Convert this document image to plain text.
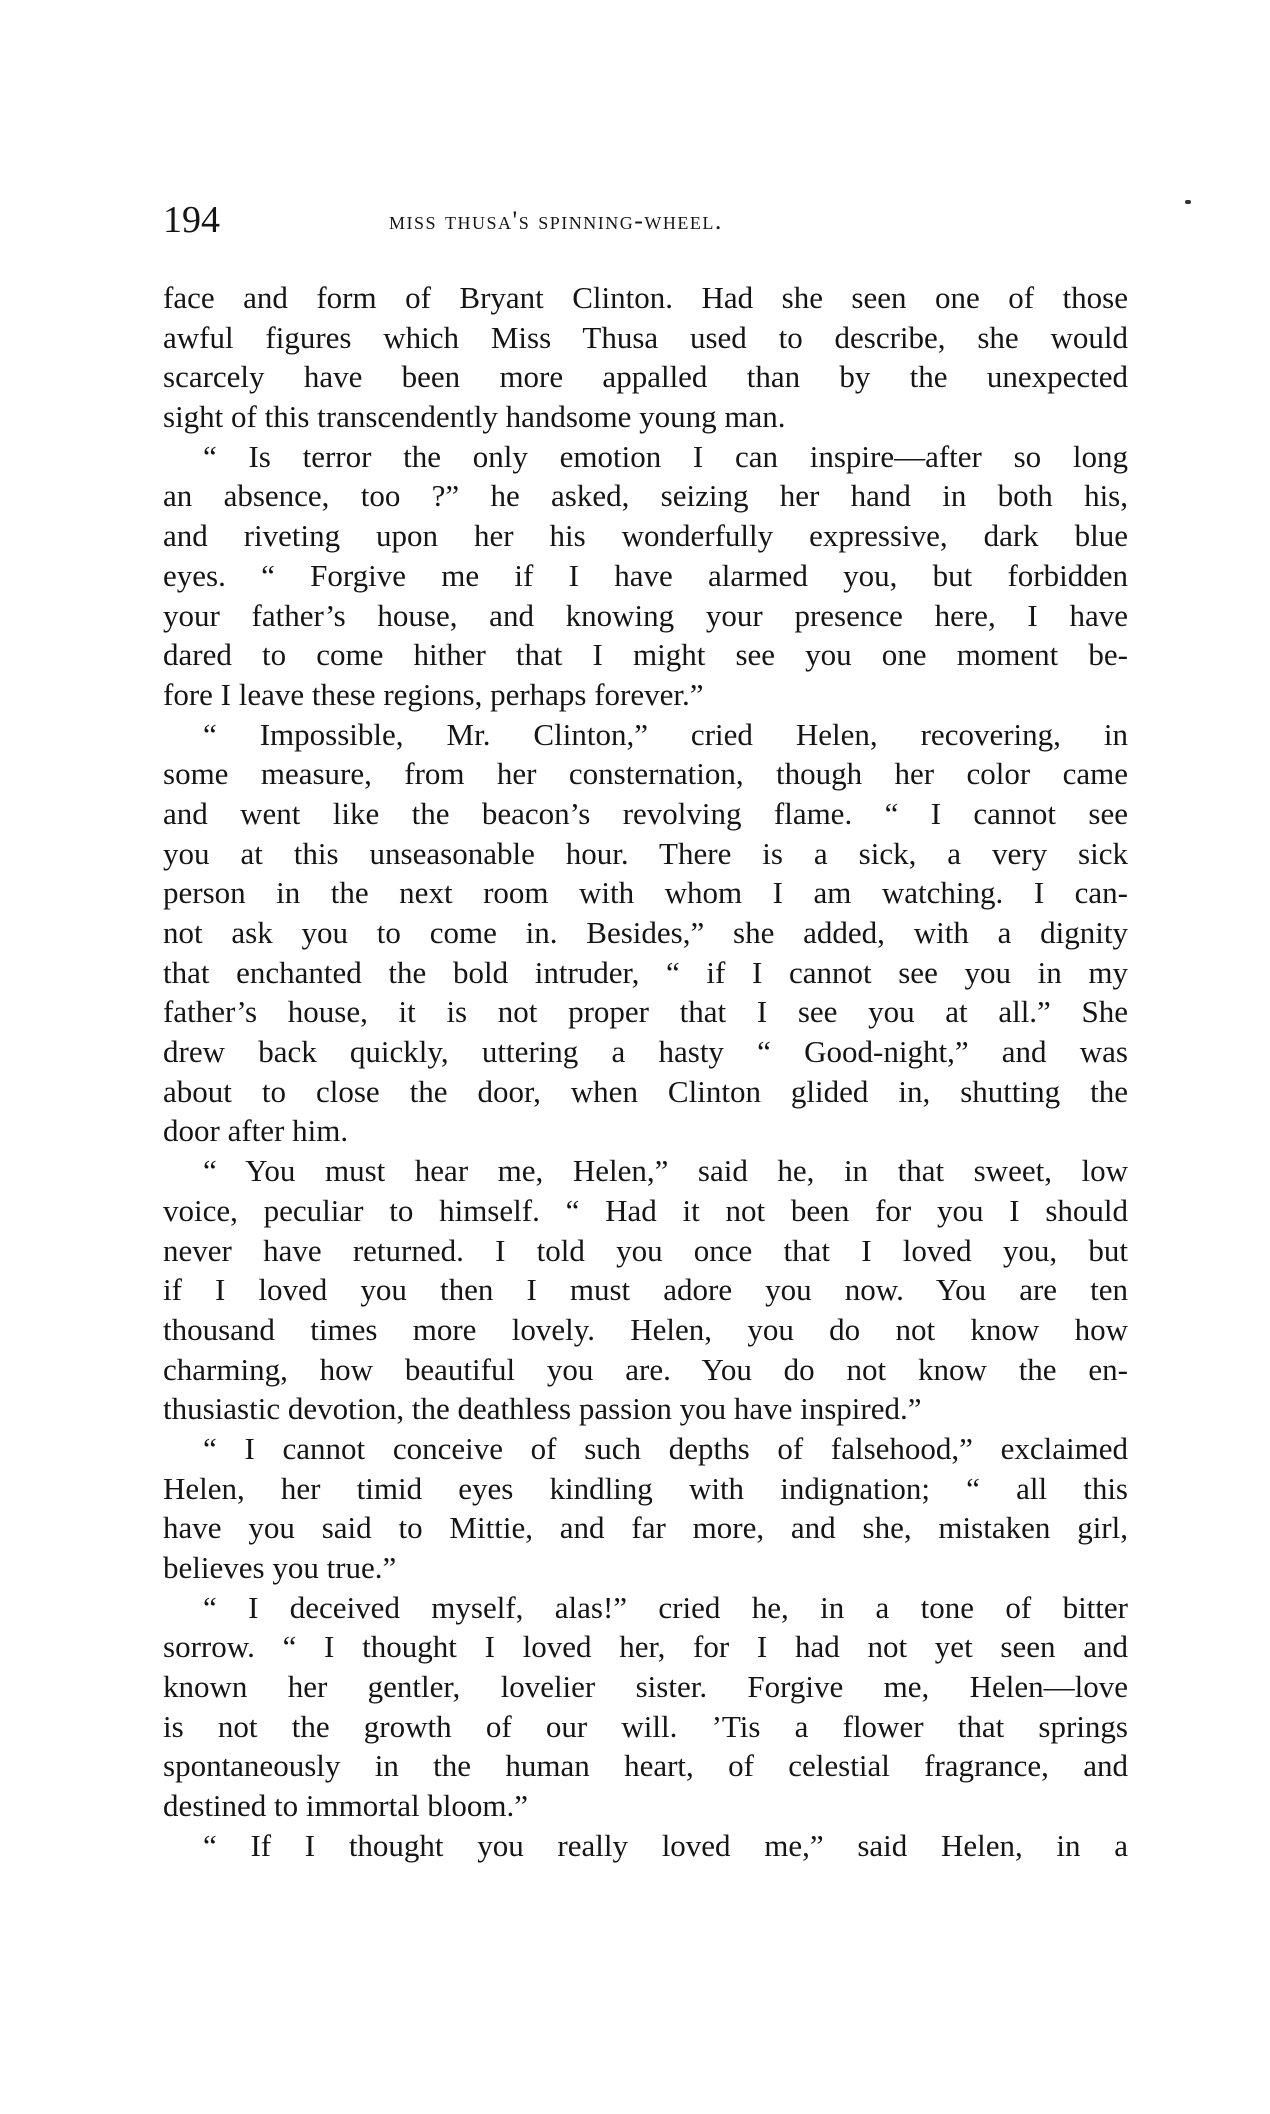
194	miss thusa's spinning-wheel.
face and form of Bryant Clinton. Had she seen one of those
awful figures which Miss Thusa used to describe, she would
scarcely have been more appalled than by the unexpected
sight of this transcendently handsome young man.
“ Is terror the only emotion I can inspire—after so long
an absence, too ?” he asked, seizing her hand in both his,
and riveting upon her his wonderfully expressive, dark blue
eyes. “ Forgive me if I have alarmed you, but forbidden
your father’s house, and knowing your presence here, I have
dared to come hither that I might see you one moment be-
fore I leave these regions, perhaps forever.”
“ Impossible, Mr. Clinton,” cried Helen, recovering, in
some measure, from her consternation, though her color came
and went like the beacon’s revolving flame. “ I cannot see
you at this unseasonable hour. There is a sick, a very sick
person in the next room with whom I am watching. I can-
not ask you to come in. Besides,” she added, with a dignity
that enchanted the bold intruder, “ if I cannot see you in my
father’s house, it is not proper that I see you at all.” She
drew back quickly, uttering a hasty “ Good-night,” and was
about to close the door, when Clinton glided in, shutting the
door after him.
“ You must hear me, Helen,” said he, in that sweet, low
voice, peculiar to himself. “ Had it not been for you I should
never have returned. I told you once that I loved you, but
if I loved you then I must adore you now. You are ten
thousand times more lovely. Helen, you do not know how
charming, how beautiful you are. You do not know the en-
thusiastic devotion, the deathless passion you have inspired.”
“ I cannot conceive of such depths of falsehood,” exclaimed
Helen, her timid eyes kindling with indignation; “ all this
have you said to Mittie, and far more, and she, mistaken girl,
believes you true.”
“ I deceived myself, alas!” cried he, in a tone of bitter
sorrow. “ I thought I loved her, for I had not yet seen and
known her gentler, lovelier sister. Forgive me, Helen—love
is not the growth of our will. ’Tis a flower that springs
spontaneously in the human heart, of celestial fragrance, and
destined to immortal bloom.”
“ If I thought you really loved me,” said Helen, in a
